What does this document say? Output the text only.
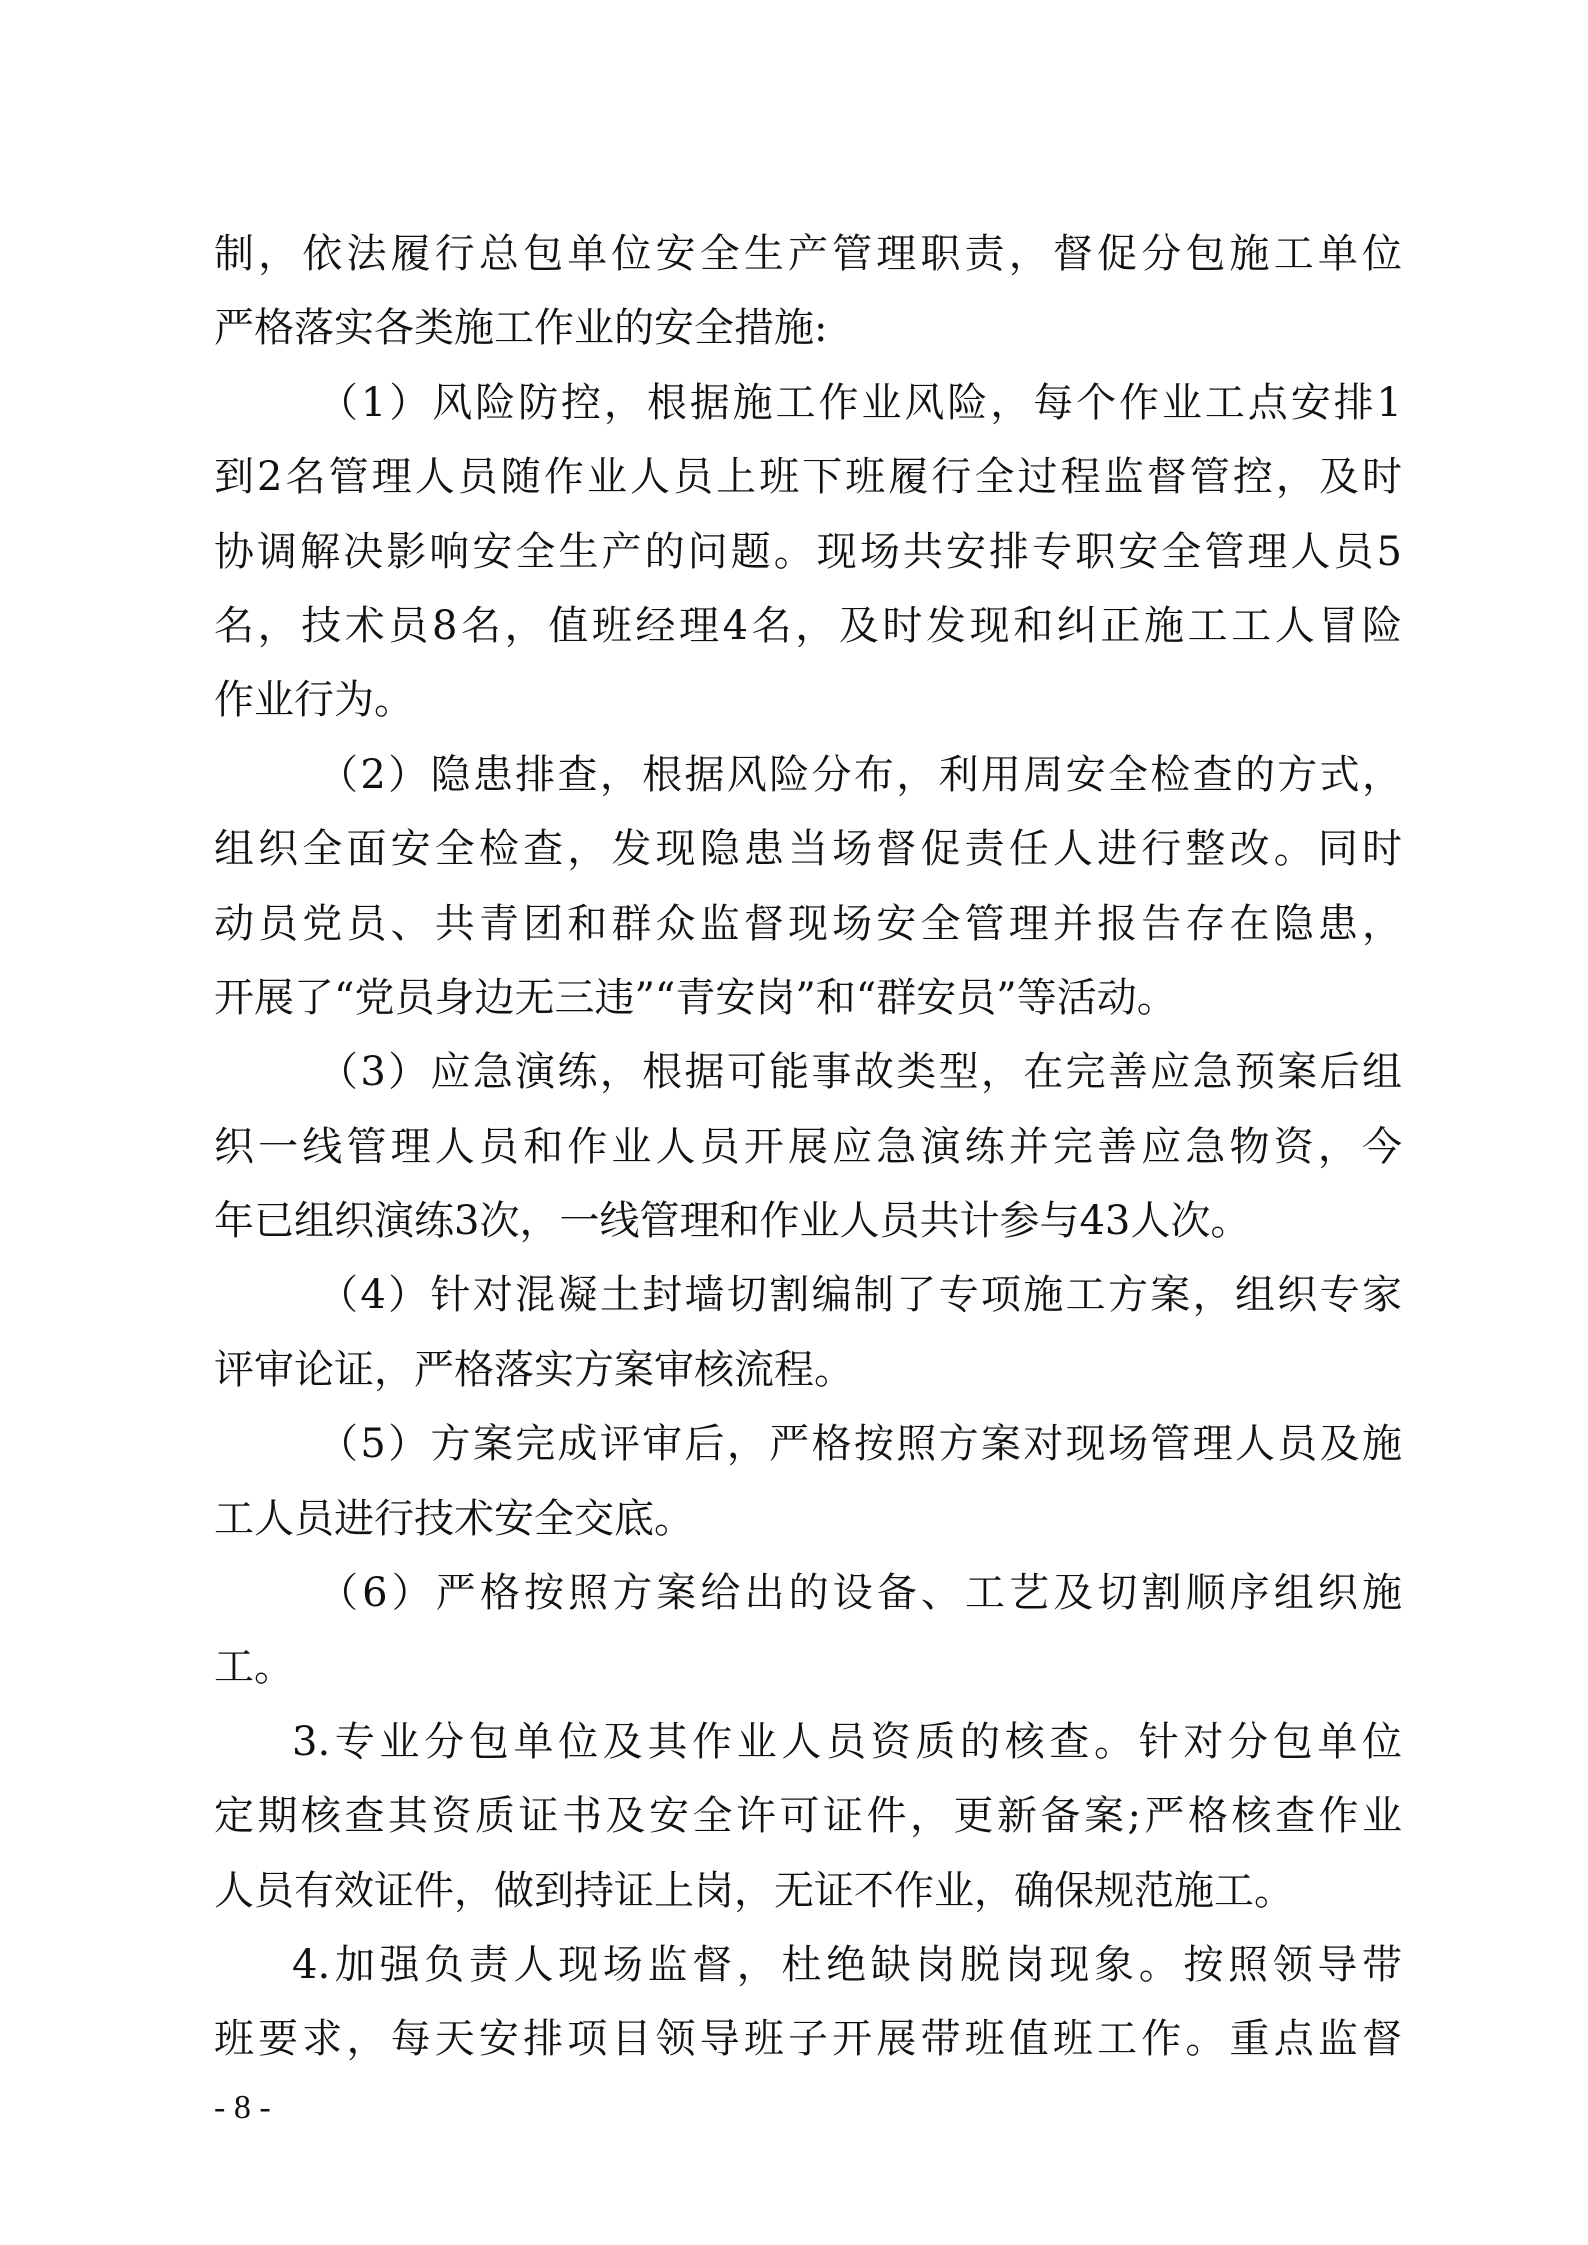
制，依法履行总包单位安全生产管理职责，督促分包施工单位
严格落实各类施工作业的安全措施:
（1）风险防控，根据施工作业风险，每个作业工点安排1
到2名管理人员随作业人员上班下班履行全过程监督管控，及时
协调解决影响安全生产的问题。现场共安排专职安全管理人员5
名，技术员8名，值班经理4名，及时发现和纠正施工工人冒险
作业行为。
（2）隐患排查，根据风险分布，利用周安全检查的方式，
组织全面安全检查，发现隐患当场督促责任人进行整改。同时
动员党员、共青团和群众监督现场安全管理并报告存在隐患，
开展了“党员身边无三违”“青安岗”和“群安员”等活动。
（3）应急演练，根据可能事故类型，在完善应急预案后组
织一线管理人员和作业人员开展应急演练并完善应急物资，今
年已组织演练3次，一线管理和作业人员共计参与43人次。
（4）针对混凝土封墙切割编制了专项施工方案，组织专家
评审论证，严格落实方案审核流程。
（5）方案完成评审后，严格按照方案对现场管理人员及施
工人员进行技术安全交底。
（6）严格按照方案给出的设备、工艺及切割顺序组织施
工。
3.专业分包单位及其作业人员资质的核查。针对分包单位
定期核查其资质证书及安全许可证件，更新备案;严格核查作业
人员有效证件，做到持证上岗，无证不作业，确保规范施工。
4.加强负责人现场监督，杜绝缺岗脱岗现象。按照领导带
班要求，每天安排项目领导班子开展带班值班工作。重点监督
- 8 -
